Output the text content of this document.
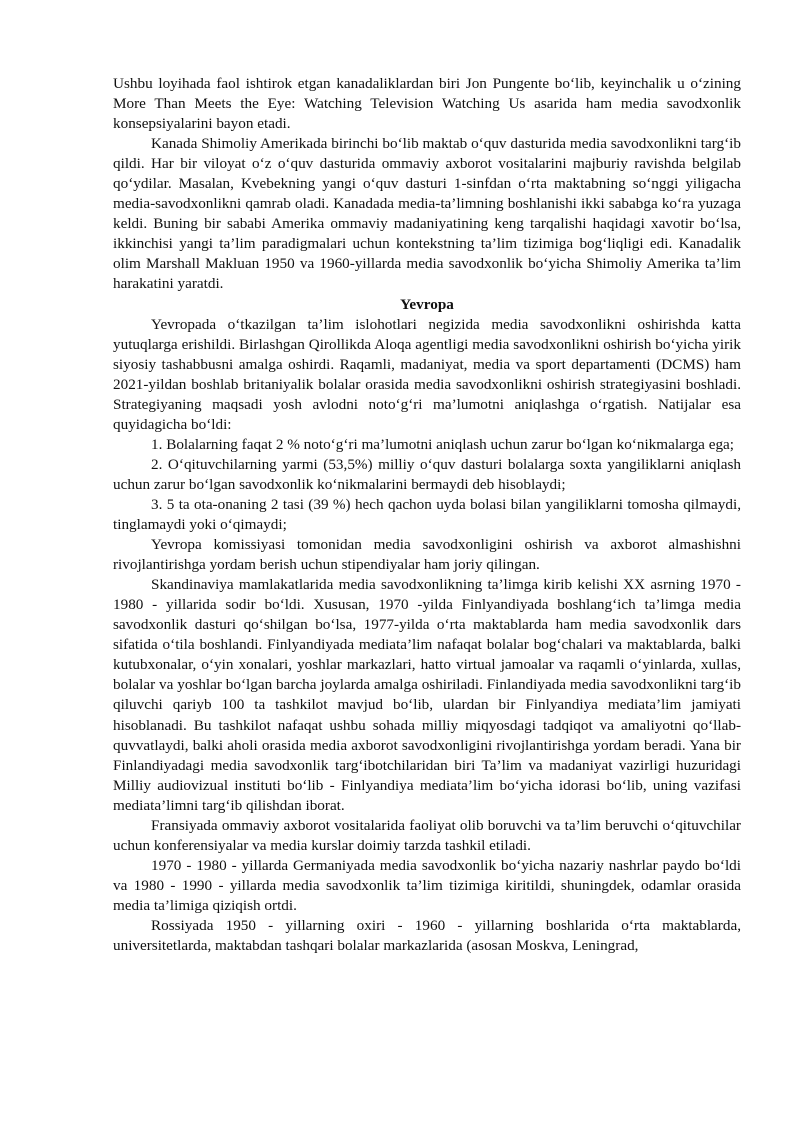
Ushbu loyihada faol ishtirok etgan kanadaliklardan biri Jon Pungente bo‘lib, keyinchalik u o‘zining More Than Meets the Eye: Watching Television Watching Us asarida ham media savodxonlik konsepsiyalarini bayon etadi.

Kanada Shimoliy Amerikada birinchi bo‘lib maktab o‘quv dasturida media savodxonlikni targ‘ib qildi. Har bir viloyat o‘z o‘quv dasturida ommaviy axborot vositalarini majburiy ravishda belgilab qo‘ydilar. Masalan, Kvebekning yangi o‘quv dasturi 1-sinfdan o‘rta maktabning so‘nggi yiligacha media-savodxonlikni qamrab oladi. Kanadada media-ta’limning boshlanishi ikki sababga ko‘ra yuzaga keldi. Buning bir sababi Amerika ommaviy madaniyatining keng tarqalishi haqidagi xavotir bo‘lsa, ikkinchisi yangi ta’lim paradigmalari uchun kontekstning ta’lim tizimiga bog‘liqligi edi. Kanadalik olim Marshall Makluan 1950 va 1960-yillarda media savodxonlik bo‘yicha Shimoliy Amerika ta’lim harakatini yaratdi.

Yevropa

Yevropada o‘tkazilgan ta’lim islohotlari negizida media savodxonlikni oshirishda katta yutuqlarga erishildi. Birlashgan Qirollikda Aloqa agentligi media savodxonlikni oshirish bo‘yicha yirik siyosiy tashabbusni amalga oshirdi. Raqamli, madaniyat, media va sport departamenti (DCMS) ham 2021-yildan boshlab britaniyalik bolalar orasida media savodxonlikni oshirish strategiyasini boshladi. Strategiyaning maqsadi yosh avlodni noto‘g‘ri ma’lumotni aniqlashga o‘rgatish. Natijalar esa quyidagicha bo‘ldi:

1. Bolalarning faqat 2 % noto‘g‘ri ma’lumotni aniqlash uchun zarur bo‘lgan ko‘nikmalarga ega;

2. O‘qituvchilarning yarmi (53,5%) milliy o‘quv dasturi bolalarga soxta yangiliklarni aniqlash uchun zarur bo‘lgan savodxonlik ko‘nikmalarini bermaydi deb hisoblaydi;

3. 5 ta ota-onaning 2 tasi (39 %) hech qachon uyda bolasi bilan yangiliklarni tomosha qilmaydi, tinglamaydi yoki o‘qimaydi;

Yevropa komissiyasi tomonidan media savodxonligini oshirish va axborot almashishni rivojlantirishga yordam berish uchun stipendiyalar ham joriy qilingan.

Skandinaviya mamlakatlarida media savodxonlikning ta’limga kirib kelishi XX asrning 1970 - 1980 - yillarida sodir bo‘ldi. Xususan, 1970 -yilda Finlyandiyada boshlang‘ich ta’limga media savodxonlik dasturi qo‘shilgan bo‘lsa, 1977-yilda o‘rta maktablarda ham media savodxonlik dars sifatida o‘tila boshlandi. Finlyandiyada mediata’lim nafaqat bolalar bog‘chalari va maktablarda, balki kutubxonalar, o‘yin xonalari, yoshlar markazlari, hatto virtual jamoalar va raqamli o‘yinlarda, xullas, bolalar va yoshlar bo‘lgan barcha joylarda amalga oshiriladi. Finlandiyada media savodxonlikni targ‘ib qiluvchi qariyb 100 ta tashkilot mavjud bo‘lib, ulardan bir Finlyandiya mediata’lim jamiyati hisoblanadi. Bu tashkilot nafaqat ushbu sohada milliy miqyosdagi tadqiqot va amaliyotni qo‘llab-quvvatlaydi, balki aholi orasida media axborot savodxonligini rivojlantirishga yordam beradi. Yana bir Finlandiyadagi media savodxonlik targ‘ibotchilaridan biri Ta’lim va madaniyat vazirligi huzuridagi Milliy audiovizual instituti bo‘lib - Finlyandiya mediata’lim bo‘yicha idorasi bo‘lib, uning vazifasi mediata’limni targ‘ib qilishdan iborat.

Fransiyada ommaviy axborot vositalarida faoliyat olib boruvchi va ta’lim beruvchi o‘qituvchilar uchun konferensiyalar va media kurslar doimiy tarzda tashkil etiladi.

1970 - 1980 - yillarda Germaniyada media savodxonlik bo‘yicha nazariy nashrlar paydo bo‘ldi va 1980 - 1990 - yillarda media savodxonlik ta’lim tizimiga kiritildi, shuningdek, odamlar orasida media ta’limiga qiziqish ortdi.

Rossiyada 1950 - yillarning oxiri - 1960 - yillarning boshlarida o‘rta maktablarda, universitetlarda, maktabdan tashqari bolalar markazlarida (asosan Moskva, Leningrad,
